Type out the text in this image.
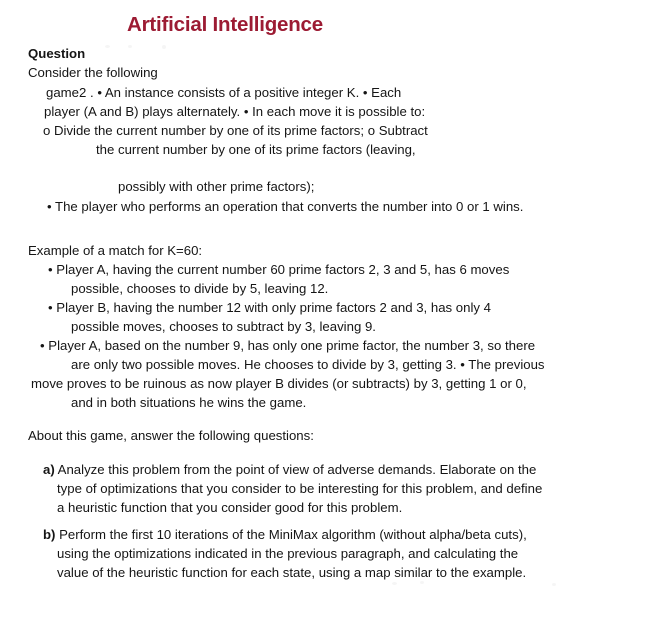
Artificial Intelligence
Question
Consider the following
game2 . • An instance consists of a positive integer K. • Each
player (A and B) plays alternately. • In each move it is possible to:
o Divide the current number by one of its prime factors; o Subtract
the current number by one of its prime factors (leaving,
possibly with other prime factors);
• The player who performs an operation that converts the number into 0 or 1 wins.
Example of a match for K=60:
• Player A, having the current number 60 prime factors 2, 3 and 5, has 6 moves
possible, chooses to divide by 5, leaving 12.
• Player B, having the number 12 with only prime factors 2 and 3, has only 4
possible moves, chooses to subtract by 3, leaving 9.
• Player A, based on the number 9, has only one prime factor, the number 3, so there
are only two possible moves. He chooses to divide by 3, getting 3. • The previous
move proves to be ruinous as now player B divides (or subtracts) by 3, getting 1 or 0,
and in both situations he wins the game.
About this game, answer the following questions:
a) Analyze this problem from the point of view of adverse demands. Elaborate on the
type of optimizations that you consider to be interesting for this problem, and define
a heuristic function that you consider good for this problem.
b) Perform the first 10 iterations of the MiniMax algorithm (without alpha/beta cuts),
using the optimizations indicated in the previous paragraph, and calculating the
value of the heuristic function for each state, using a map similar to the example.
